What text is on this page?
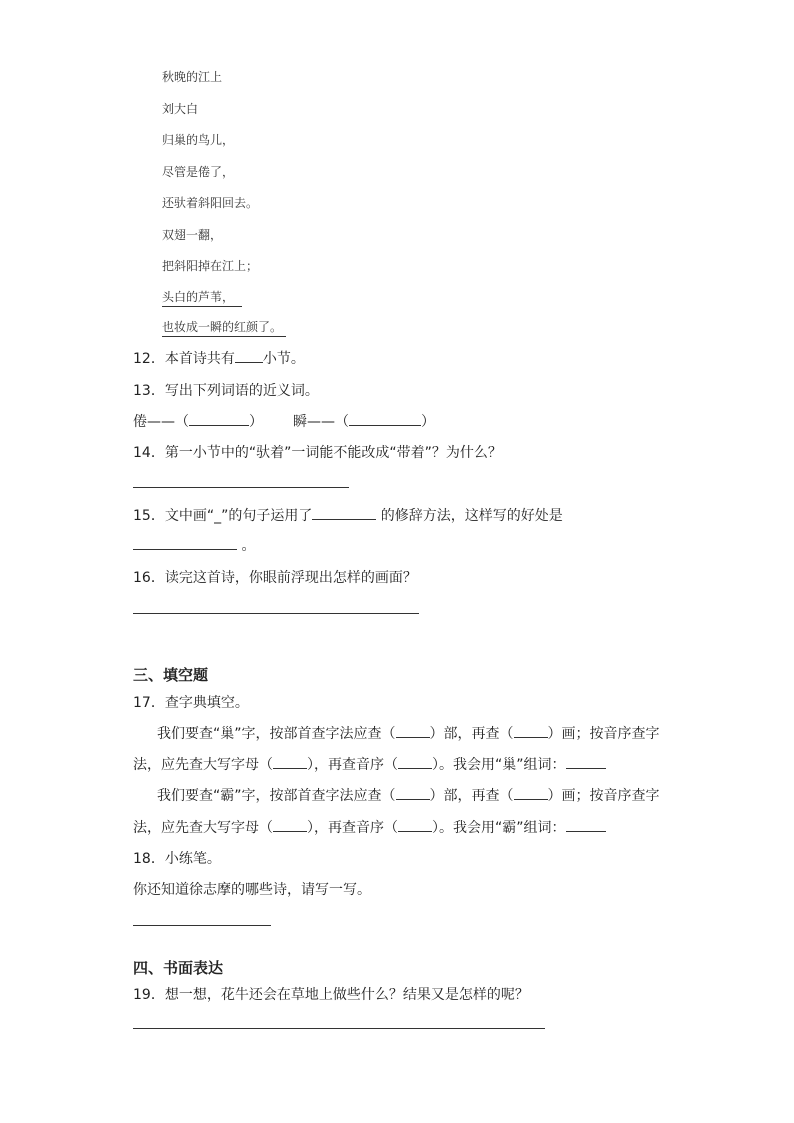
秋晚的江上
刘大白
归巢的鸟儿，
尽管是倦了，
还驮着斜阳回去。
双翅一翻，
把斜阳掉在江上；
头白的芦苇，
也妆成一瞬的红颜了。
12．本首诗共有 小节。
13．写出下列词语的近义词。
倦——（	） 瞬——（	）
14．第一小节中的“驮着”一词能不能改成“带着”？为什么？
15．文中画“_”的句子运用了	的修辞方法，这样写的好处是
。
16．读完这首诗，你眼前浮现出怎样的画面？
三、填空题
17．查字典填空。
我们要查“巢”字，按部首查字法应查（ ）部，再查（ ）画；按音序查字
法，应先查大写字母（ ），再查音序（ ）。我会用“巢”组词：
我们要查“霸”字，按部首查字法应查（ ）部，再查（ ）画；按音序查字
法，应先查大写字母（ ），再查音序（ ）。我会用“霸”组词：
18．小练笔。
你还知道徐志摩的哪些诗，请写一写。
四、书面表达
19．想一想，花牛还会在草地上做些什么？结果又是怎样的呢？
